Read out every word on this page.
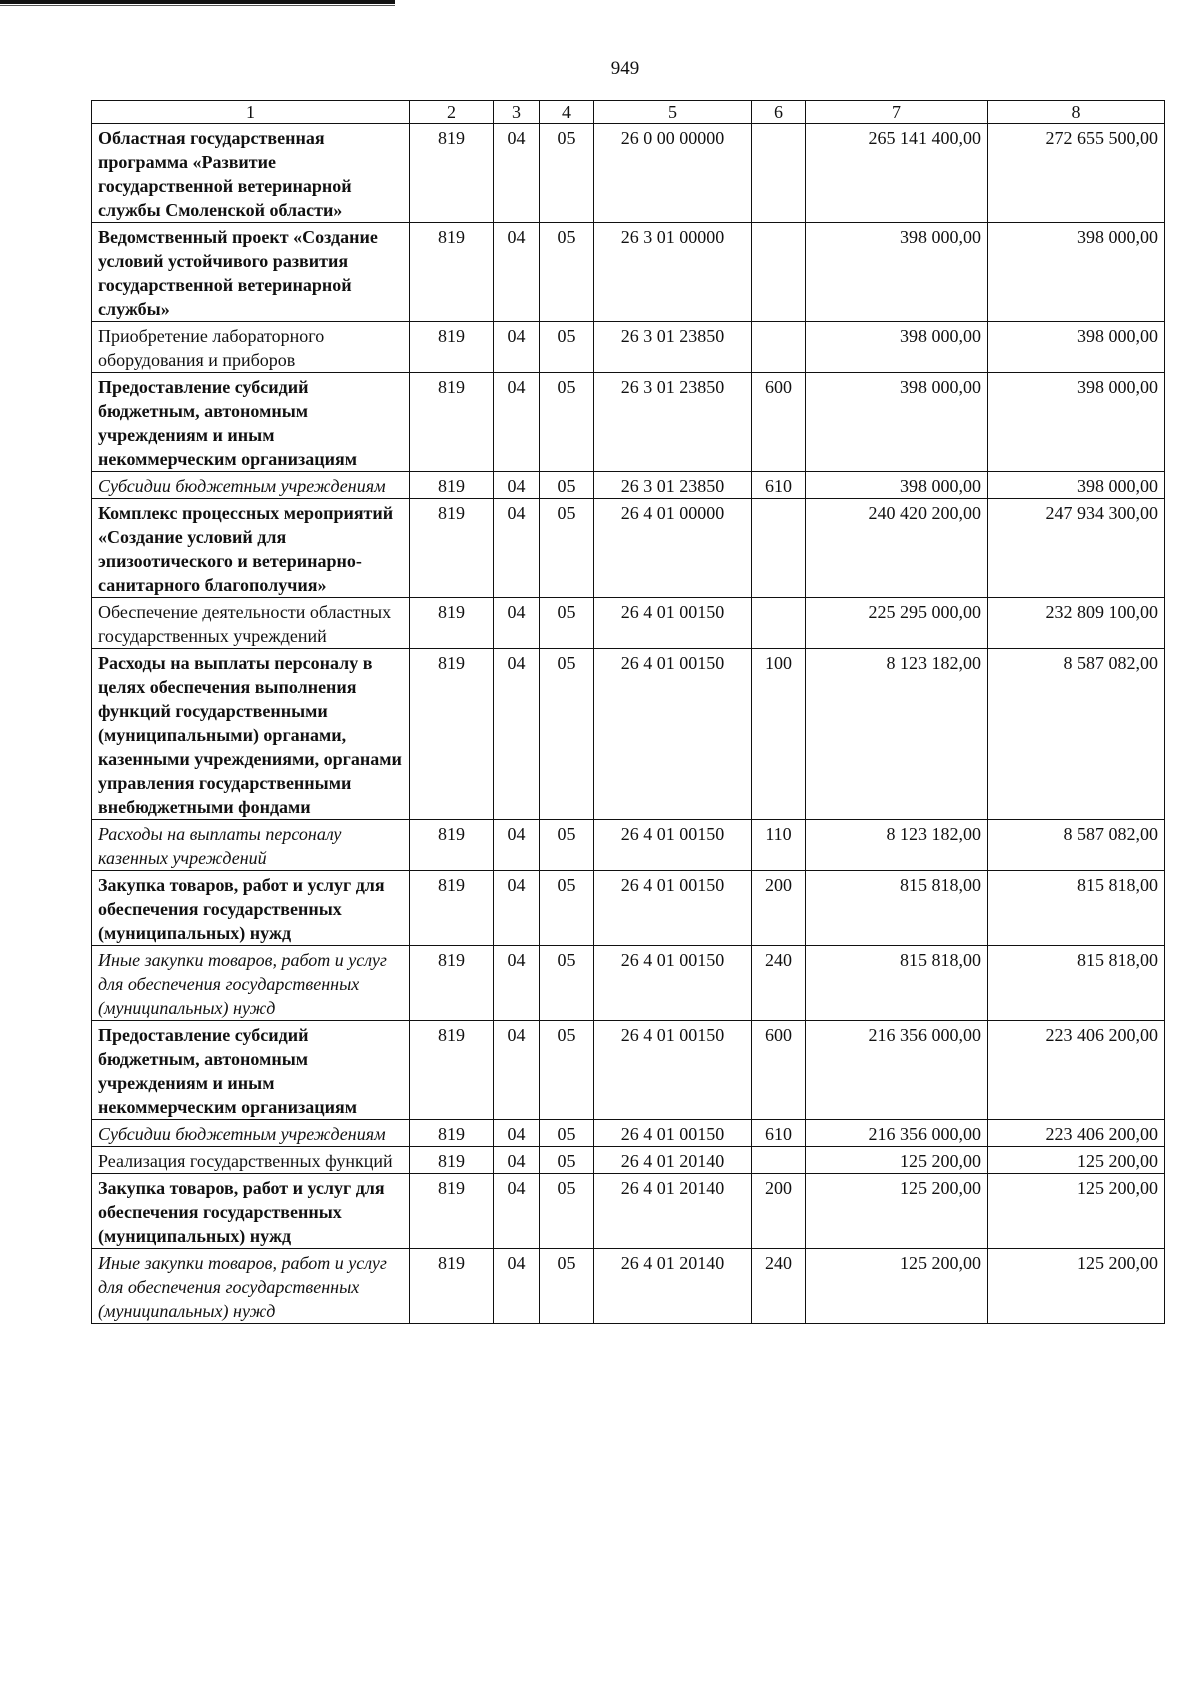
949
1	2	3	4	5	6	7	8
Областная государственная программа «Развитие государственной ветеринарной службы Смоленской области»	819	04	05	26 0 00 00000		265 141 400,00	272 655 500,00
Ведомственный проект «Создание условий устойчивого развития государственной ветеринарной службы»	819	04	05	26 3 01 00000		398 000,00	398 000,00
Приобретение лабораторного оборудования и приборов	819	04	05	26 3 01 23850		398 000,00	398 000,00
Предоставление субсидий бюджетным, автономным учреждениям и иным некоммерческим организациям	819	04	05	26 3 01 23850	600	398 000,00	398 000,00
Субсидии бюджетным учреждениям	819	04	05	26 3 01 23850	610	398 000,00	398 000,00
Комплекс процессных мероприятий «Создание условий для эпизоотического и ветеринарно-санитарного благополучия»	819	04	05	26 4 01 00000		240 420 200,00	247 934 300,00
Обеспечение деятельности областных государственных учреждений	819	04	05	26 4 01 00150		225 295 000,00	232 809 100,00
Расходы на выплаты персоналу в целях обеспечения выполнения функций государственными (муниципальными) органами, казенными учреждениями, органами управления государственными внебюджетными фондами	819	04	05	26 4 01 00150	100	8 123 182,00	8 587 082,00
Расходы на выплаты персоналу казенных учреждений	819	04	05	26 4 01 00150	110	8 123 182,00	8 587 082,00
Закупка товаров, работ и услуг для обеспечения государственных (муниципальных) нужд	819	04	05	26 4 01 00150	200	815 818,00	815 818,00
Иные закупки товаров, работ и услуг для обеспечения государственных (муниципальных) нужд	819	04	05	26 4 01 00150	240	815 818,00	815 818,00
Предоставление субсидий бюджетным, автономным учреждениям и иным некоммерческим организациям	819	04	05	26 4 01 00150	600	216 356 000,00	223 406 200,00
Субсидии бюджетным учреждениям	819	04	05	26 4 01 00150	610	216 356 000,00	223 406 200,00
Реализация государственных функций	819	04	05	26 4 01 20140		125 200,00	125 200,00
Закупка товаров, работ и услуг для обеспечения государственных (муниципальных) нужд	819	04	05	26 4 01 20140	200	125 200,00	125 200,00
Иные закупки товаров, работ и услуг для обеспечения государственных (муниципальных) нужд	819	04	05	26 4 01 20140	240	125 200,00	125 200,00
